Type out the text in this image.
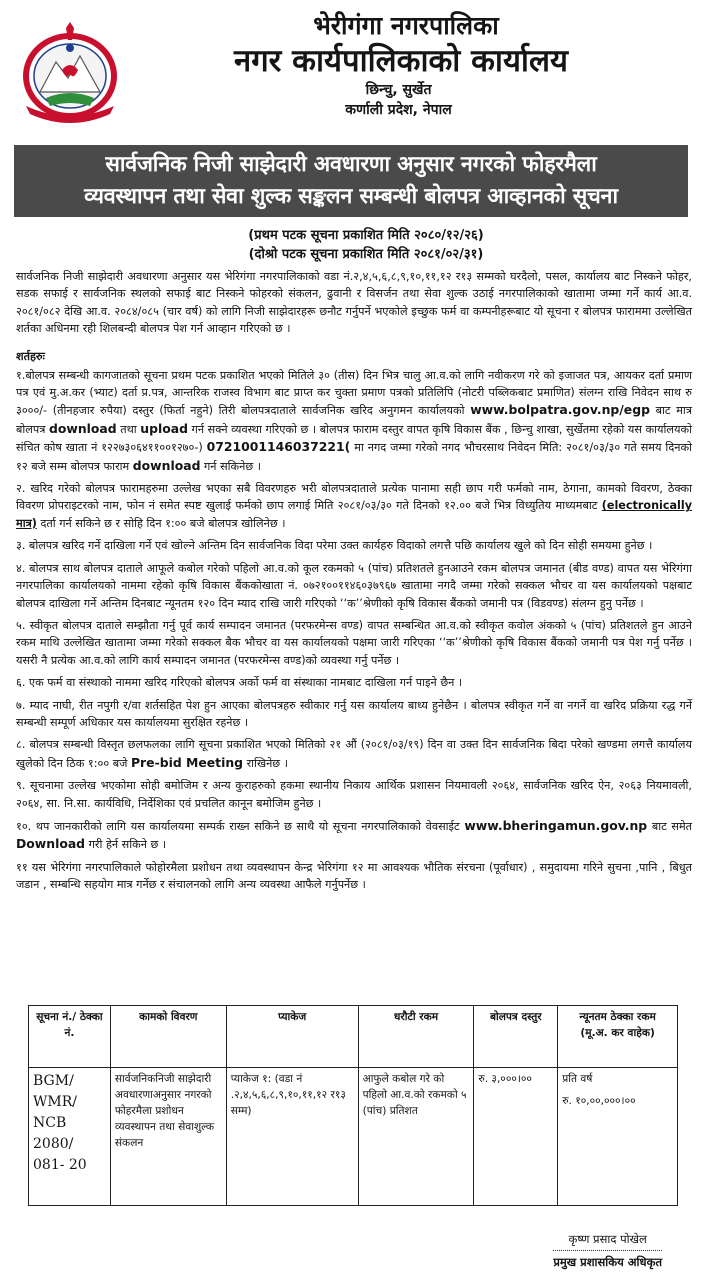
भेरीगंगा नगरपालिका
नगर कार्यपालिकाको कार्यालय
छिन्चु, सुर्खेत
कर्णाली प्रदेश, नेपाल
सार्वजनिक निजी साझेदारी अवधारणा अनुसार नगरको फोहरमैला
व्यवस्थापन तथा सेवा शुल्क सङ्कलन सम्बन्धी बोलपत्र आव्हानको सूचना
(प्रथम पटक सूचना प्रकाशित मिति २०८०/१२/२६)
(दोश्रो पटक सूचना प्रकाशित मिति २०८१/०२/३१)

सार्वजनिक निजी साझेदारी अवधारणा अनुसार यस भेरिगंगा नगरपालिकाको वडा नं.२,४,५,६,८,९,१०,११,१२ र१३ सम्मको घरदैलो, पसल, कार्यालय बाट निस्कने फोहर, सडक सफाई र सार्वजनिक स्थलको सफाई बाट निस्कने फोहरको संकलन, ढुवानी र विसर्जन तथा सेवा शुल्क उठाई नगरपालिकाको खातामा जम्मा गर्ने कार्य आ.व. २०८१/०८२ देखि आ.व. २०८४/०८५ (चार वर्ष) को लागि निजी साझेदारहरू छनौट गर्नुपर्ने भएकोले इच्छुक फर्म वा कम्पनीहरूबाट यो सूचना र बोलपत्र फाराममा उल्लेखित शर्तका अधिनमा रही शिलबन्दी बोलपत्र पेश गर्न आव्हान गरिएको छ ।

शर्तहरुः

१.बोलपत्र सम्बन्धी कागजातको सूचना प्रथम पटक प्रकाशित भएको मितिले ३० (तीस) दिन भित्र चालु आ.व.को लागि नवीकरण गरे को इजाजत पत्र, आयकर दर्ता प्रमाण पत्र एवं मु.अ.कर (भ्याट) दर्ता प्र.पत्र, आन्तरिक राजस्व विभाग बाट प्राप्त कर चुक्ता प्रमाण पत्रको प्रतिलिपि (नोटरी पब्लिकबाट प्रमाणित) संलग्न राखि निवेदन साथ रु ३०००/- (तीनहजार रुपैया) दस्तुर (फिर्ता नहुने) तिरी बोलपत्रदाताले सार्वजनिक खरिद अनुगमन कार्यालयको www.bolpatra.gov.np/egp बाट मात्र बोलपत्र download तथा upload गर्न सक्ने व्यवस्था गरिएको छ । बोलपत्र फाराम दस्तुर वापत कृषि विकास बैंक , छिन्चु शाखा, सुर्खेतमा रहेको यस कार्यालयको संचित कोष खाता नं १२२७३०६४११००१२७०-) 0721001146037221( मा नगद जम्मा गरेको नगद भौचरसाथ निवेदन मिति: २०८१/०३/३० गते समय दिनको १२ बजे सम्म बोलपत्र फाराम download गर्न सकिनेछ ।

२. खरिद गरेको बोलपत्र फारामहरुमा उल्लेख भएका सबै विवरणहरु भरी बोलपत्रदाताले प्रत्येक पानामा सही छाप गरी फर्मको नाम, ठेगाना, कामको विवरण, ठेक्का विवरण प्रोपराइटरको नाम, फोन नं समेत स्पष्ट खुलाई फर्मको छाप लगाई मिति २०८१/०३/३० गते दिनको १२.०० बजे भित्र विध्युतिय माध्यमबाट (electronically मात्र) दर्ता गर्न सकिने छ र सोहि दिन १:०० बजे बोलपत्र खोलिनेछ ।

३. बोलपत्र खरिद गर्ने दाखिला गर्ने एवं खोल्ने अन्तिम दिन सार्वजनिक विदा परेमा उक्त कार्यहरु विदाको लगत्तै पछि कार्यालय खुले को दिन सोही समयमा हुनेछ ।

४. बोलपत्र साथ बोलपत्र दाताले आफूले कबोल गरेको पहिलो आ.व.को कूल रकमको ५ (पांच) प्रतिशतले हुनआउने रकम बोलपत्र जमानत (बीड वण्ड) वापत यस भेरिगंगा नगरपालिका कार्यालयको नाममा रहेको कृषि विकास बैंककोखाता नं. ०७२१००११४६०३७९६७ खातामा नगदै जम्मा गरेको सक्कल भौचर वा यस कार्यालयको पक्षबाट बोलपत्र दाखिला गर्ने अन्तिम दिनबाट न्यूनतम १२० दिन म्याद राखि जारी गरिएको ‘‘क’’श्रेणीको कृषि विकास बैंकको जमानी पत्र (विडवण्ड) संलग्न हुनु पर्नेछ ।

५. स्वीकृत बोलपत्र दाताले सम्झौता गर्नु पूर्व कार्य सम्पादन जमानत (परफरमेन्स वण्ड) वापत सम्बन्धित आ.व.को स्वीकृत कवोल अंकको ५ (पांच) प्रतिशतले हुन आउने रकम माथि उल्लेखित खातामा जम्मा गरेको सक्कल बैक भौचर वा यस कार्यालयको पक्षमा जारी गरिएका ‘‘क’’श्रेणीको कृषि विकास बैंकको जमानी पत्र पेश गर्नु पर्नेछ । यसरी नै प्रत्येक आ.व.को लागि कार्य सम्पादन जमानत (परफरमेन्स वण्ड)को व्यवस्था गर्नु पर्नेछ ।

६. एक फर्म वा संस्थाको नाममा खरिद गरिएको बोलपत्र अर्को फर्म वा संस्थाका नामबाट दाखिला गर्न पाइने छैन ।

७. म्याद नाघी, रीत नपुगी र/वा शर्तसहित पेश हुन आएका बोलपत्रहरु स्वीकार गर्नु यस कार्यालय बाध्य हुनेछैन । बोलपत्र स्वीकृत गर्ने वा नगर्ने वा खरिद प्रक्रिया रद्ध गर्ने सम्बन्धी सम्पूर्ण अधिकार यस कार्यालयमा सुरक्षित रहनेछ ।

८. बोलपत्र सम्बन्धी विस्तृत छलफलका लागि सूचना प्रकाशित भएको मितिको २१ औं (२०८१/०३/१९) दिन वा उक्त दिन सार्वजनिक बिदा परेको खण्डमा लगत्तै कार्यालय खुलेको दिन ठिक १:०० बजे Pre-bid Meeting राखिनेछ ।

९. सूचनामा उल्लेख भएकोमा सोही बमोजिम र अन्य कुराहरुको हकमा स्थानीय निकाय आर्थिक प्रशासन नियमावली २०६४, सार्वजनिक खरिद ऐन, २०६३ नियमावली, २०६४, सा. नि.सा. कार्यविधि, निर्देशिका एवं प्रचलित कानून बमोजिम हुनेछ ।

१०. थप जानकारीको लागि यस कार्यालयमा सम्पर्क राख्न सकिने छ साथै यो सूचना नगरपालिकाको वेवसाईट www.bheringamun.gov.np बाट समेत Download गरी हेर्न सकिने छ ।

११ यस भेरिगंगा नगरपालिकाले फोहोरमैला प्रशोधन तथा व्यवस्थापन केन्द्र भेरिगंगा १२ मा आवश्यक भौतिक संरचना (पूर्वाधार) , समुदायमा गरिने सुचना ,पानि , बिधुत जडान , सम्बन्धि सहयोग मात्र गर्नेछ र संचालनको लागि अन्य व्यवस्था आफैले गर्नुपर्नेछ ।

सूचना नं./ ठेक्का नं.	कामको विवरण	प्याकेज	धरौटी रकम	बोलपत्र दस्तुर	न्यूनतम ठेक्का रकम
(मू.अ. कर वाहेक)

BGM/ WMR/ NCB 2080/ 081- 20	सार्वजनिकनिजी साझेदारी अवधारणाअनुसार नगरको फोहरमैला प्रशोधन व्यवस्थापन तथा सेवाशुल्क संकलन	प्याकेज १: (वडा नं .२,४,५,६,८,९,१०,११,१२ र१३ सम्म)	आफुले कबोल गरे को पहिलो आ.व.को रकमको ५ (पांच) प्रतिशत	रु. ३,०००।००	प्रति वर्ष
रु. १०,००,०००।००
कृष्ण प्रसाद पोखेल
प्रमुख प्रशासकिय अधिकृत
